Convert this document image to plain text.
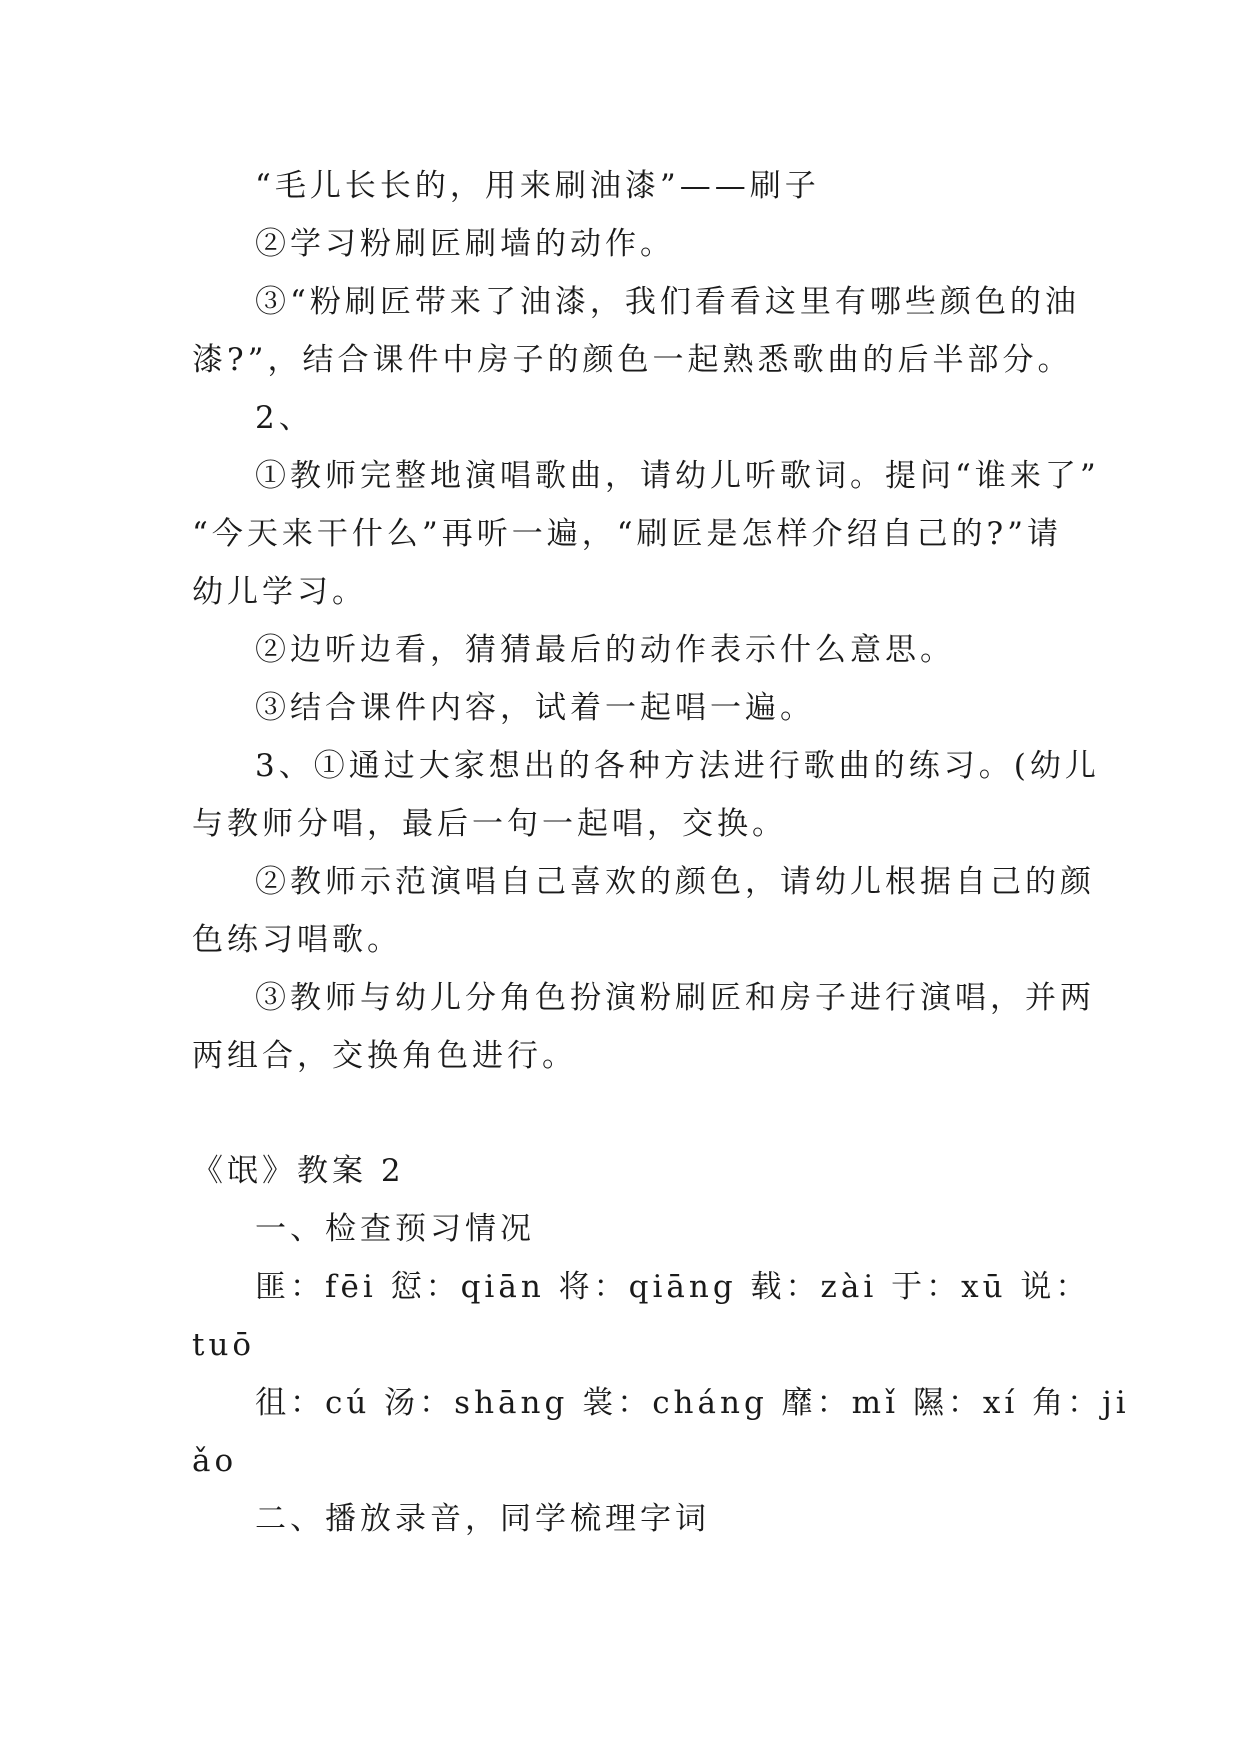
“毛儿长长的，用来刷油漆”——刷子
②学习粉刷匠刷墙的动作。
③“粉刷匠带来了油漆，我们看看这里有哪些颜色的油
漆?”，结合课件中房子的颜色一起熟悉歌曲的后半部分。
2、
①教师完整地演唱歌曲，请幼儿听歌词。提问“谁来了”
“今天来干什么”再听一遍，“刷匠是怎样介绍自己的?”请
幼儿学习。
②边听边看，猜猜最后的动作表示什么意思。
③结合课件内容，试着一起唱一遍。
3、①通过大家想出的各种方法进行歌曲的练习。(幼儿
与教师分唱，最后一句一起唱，交换。
②教师示范演唱自己喜欢的颜色，请幼儿根据自己的颜
色练习唱歌。
③教师与幼儿分角色扮演粉刷匠和房子进行演唱，并两
两组合，交换角色进行。
《氓》教案 2
一、检查预习情况
匪：fēi 愆：qiān 将：qiāng 载：zài 于：xū 说：
tuō
徂：cú 汤：shāng 裳：cháng 靡：mǐ 隰：xí 角：ji
ǎo
二、播放录音，同学梳理字词
